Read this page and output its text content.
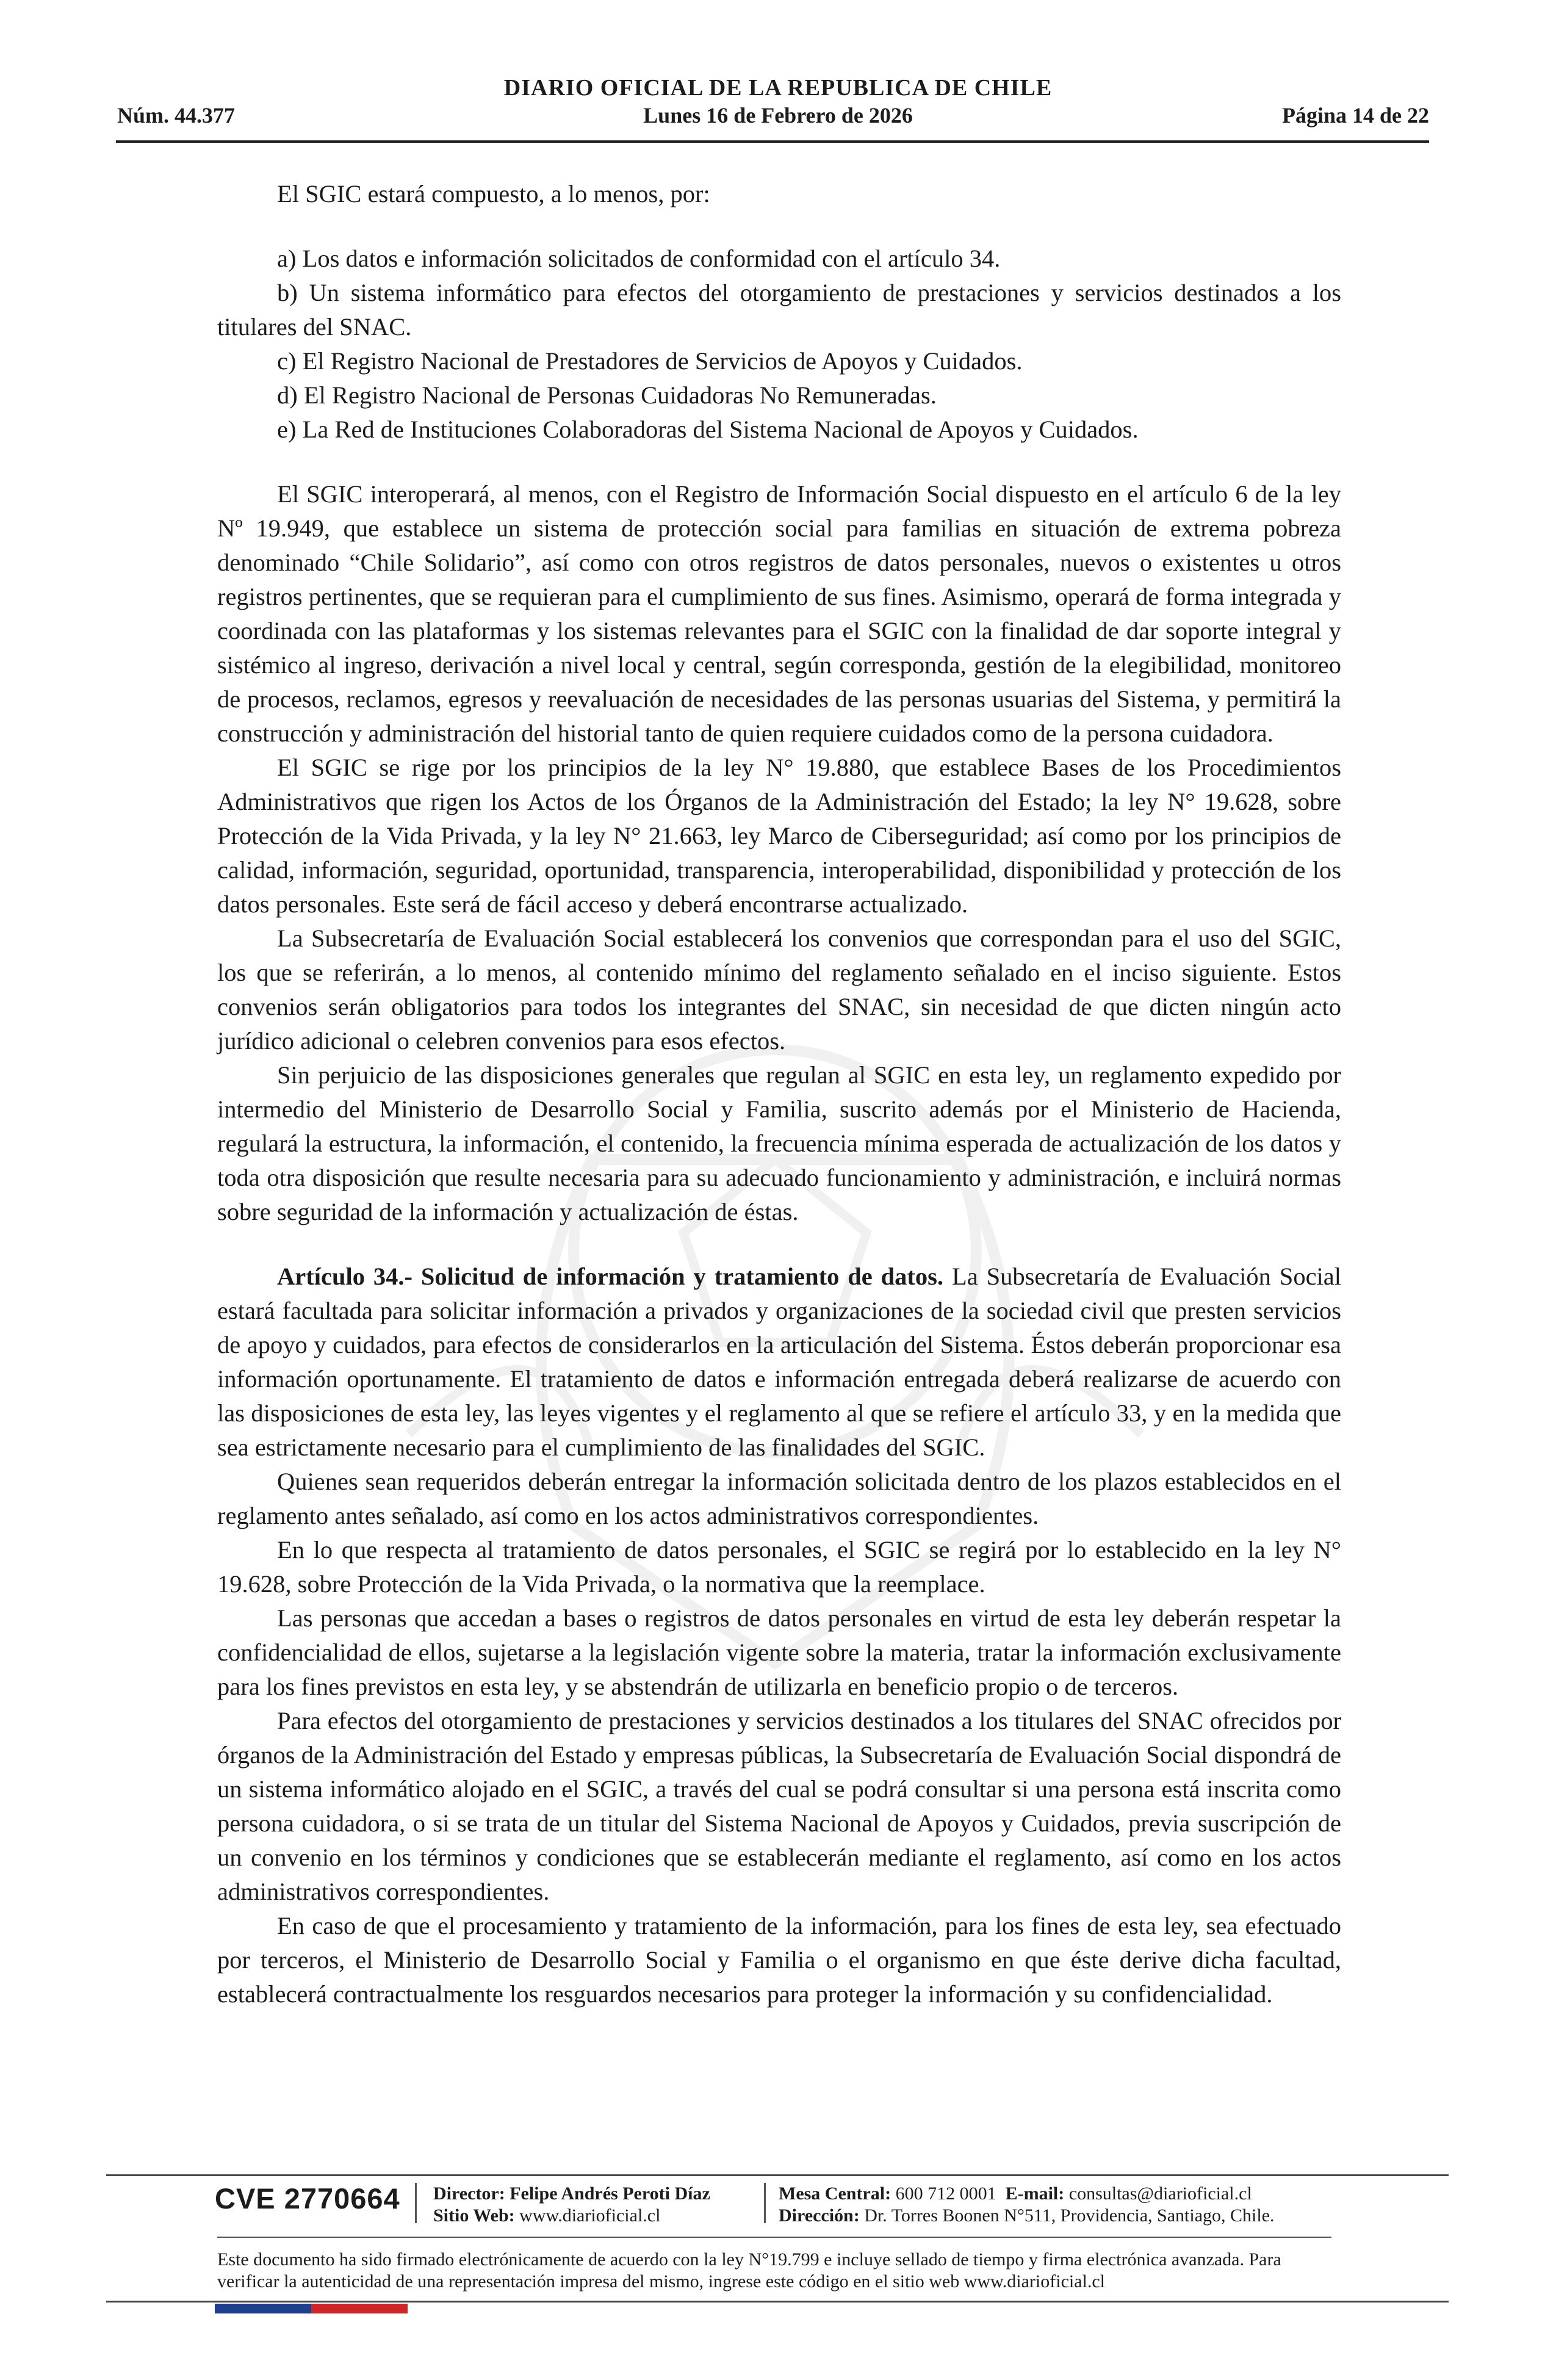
DIARIO OFICIAL DE LA REPUBLICA DE CHILE
Núm. 44.377	Lunes 16 de Febrero de 2026	Página 14 de 22

El SGIC estará compuesto, a lo menos, por:

a) Los datos e información solicitados de conformidad con el artículo 34.

b) Un sistema informático para efectos del otorgamiento de prestaciones y servicios destinados a los titulares del SNAC.

c) El Registro Nacional de Prestadores de Servicios de Apoyos y Cuidados.

d) El Registro Nacional de Personas Cuidadoras No Remuneradas.

e) La Red de Instituciones Colaboradoras del Sistema Nacional de Apoyos y Cuidados.

El SGIC interoperará, al menos, con el Registro de Información Social dispuesto en el artículo 6 de la ley Nº 19.949, que establece un sistema de protección social para familias en situación de extrema pobreza denominado “Chile Solidario”, así como con otros registros de datos personales, nuevos o existentes u otros registros pertinentes, que se requieran para el cumplimiento de sus fines. Asimismo, operará de forma integrada y coordinada con las plataformas y los sistemas relevantes para el SGIC con la finalidad de dar soporte integral y sistémico al ingreso, derivación a nivel local y central, según corresponda, gestión de la elegibilidad, monitoreo de procesos, reclamos, egresos y reevaluación de necesidades de las personas usuarias del Sistema, y permitirá la construcción y administración del historial tanto de quien requiere cuidados como de la persona cuidadora.

El SGIC se rige por los principios de la ley N° 19.880, que establece Bases de los Procedimientos Administrativos que rigen los Actos de los Órganos de la Administración del Estado; la ley N° 19.628, sobre Protección de la Vida Privada, y la ley N° 21.663, ley Marco de Ciberseguridad; así como por los principios de calidad, información, seguridad, oportunidad, transparencia, interoperabilidad, disponibilidad y protección de los datos personales. Este será de fácil acceso y deberá encontrarse actualizado.

La Subsecretaría de Evaluación Social establecerá los convenios que correspondan para el uso del SGIC, los que se referirán, a lo menos, al contenido mínimo del reglamento señalado en el inciso siguiente. Estos convenios serán obligatorios para todos los integrantes del SNAC, sin necesidad de que dicten ningún acto jurídico adicional o celebren convenios para esos efectos.

Sin perjuicio de las disposiciones generales que regulan al SGIC en esta ley, un reglamento expedido por intermedio del Ministerio de Desarrollo Social y Familia, suscrito además por el Ministerio de Hacienda, regulará la estructura, la información, el contenido, la frecuencia mínima esperada de actualización de los datos y toda otra disposición que resulte necesaria para su adecuado funcionamiento y administración, e incluirá normas sobre seguridad de la información y actualización de éstas.

Artículo 34.- Solicitud de información y tratamiento de datos. La Subsecretaría de Evaluación Social estará facultada para solicitar información a privados y organizaciones de la sociedad civil que presten servicios de apoyo y cuidados, para efectos de considerarlos en la articulación del Sistema. Éstos deberán proporcionar esa información oportunamente. El tratamiento de datos e información entregada deberá realizarse de acuerdo con las disposiciones de esta ley, las leyes vigentes y el reglamento al que se refiere el artículo 33, y en la medida que sea estrictamente necesario para el cumplimiento de las finalidades del SGIC.

Quienes sean requeridos deberán entregar la información solicitada dentro de los plazos establecidos en el reglamento antes señalado, así como en los actos administrativos correspondientes.

En lo que respecta al tratamiento de datos personales, el SGIC se regirá por lo establecido en la ley N° 19.628, sobre Protección de la Vida Privada, o la normativa que la reemplace.

Las personas que accedan a bases o registros de datos personales en virtud de esta ley deberán respetar la confidencialidad de ellos, sujetarse a la legislación vigente sobre la materia, tratar la información exclusivamente para los fines previstos en esta ley, y se abstendrán de utilizarla en beneficio propio o de terceros.

Para efectos del otorgamiento de prestaciones y servicios destinados a los titulares del SNAC ofrecidos por órganos de la Administración del Estado y empresas públicas, la Subsecretaría de Evaluación Social dispondrá de un sistema informático alojado en el SGIC, a través del cual se podrá consultar si una persona está inscrita como persona cuidadora, o si se trata de un titular del Sistema Nacional de Apoyos y Cuidados, previa suscripción de un convenio en los términos y condiciones que se establecerán mediante el reglamento, así como en los actos administrativos correspondientes.

En caso de que el procesamiento y tratamiento de la información, para los fines de esta ley, sea efectuado por terceros, el Ministerio de Desarrollo Social y Familia o el organismo en que éste derive dicha facultad, establecerá contractualmente los resguardos necesarios para proteger la información y su confidencialidad.

CVE 2770664 Director: Felipe Andrés Peroti Díaz
Sitio Web: www.diarioficial.cl
Mesa Central: 600 712 0001 E-mail: consultas@diarioficial.cl
Dirección: Dr. Torres Boonen N°511, Providencia, Santiago, Chile.
Este documento ha sido firmado electrónicamente de acuerdo con la ley N°19.799 e incluye sellado de tiempo y firma electrónica avanzada. Para verificar la autenticidad de una representación impresa del mismo, ingrese este código en el sitio web www.diarioficial.cl
